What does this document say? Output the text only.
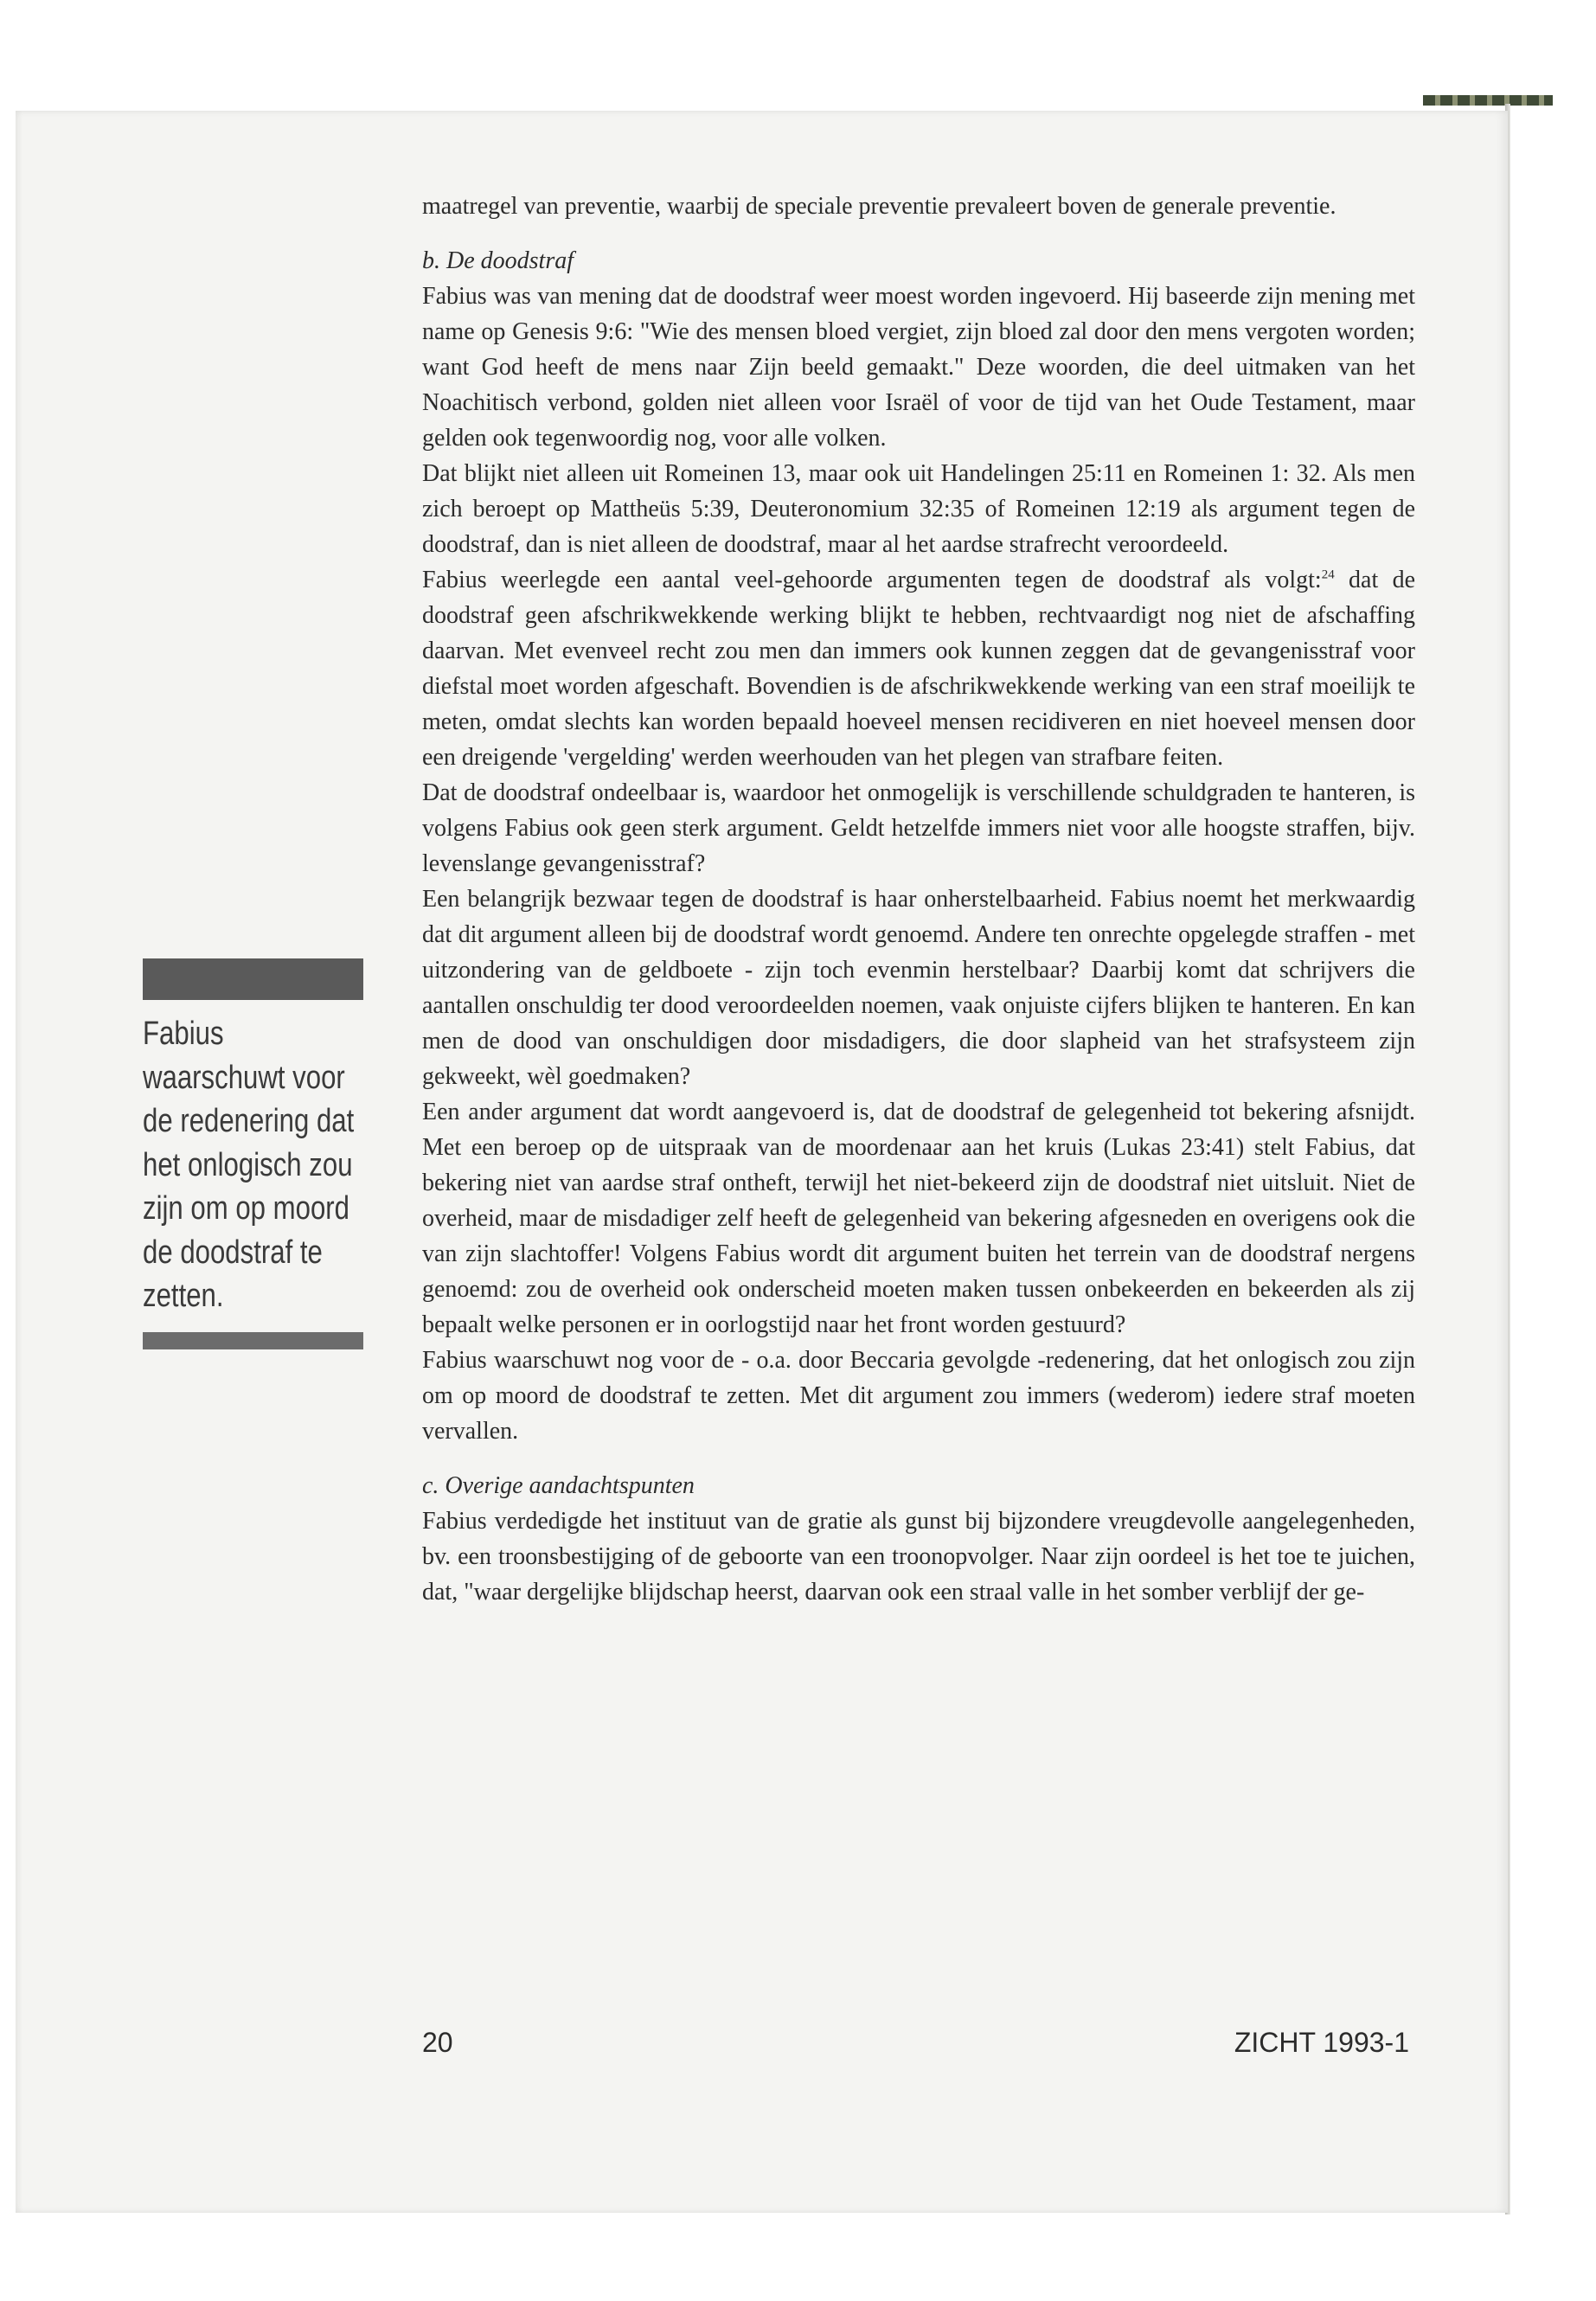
maatregel van preventie, waarbij de speciale preventie prevaleert boven de generale preventie.

b. De doodstraf

Fabius was van mening dat de doodstraf weer moest worden ingevoerd. Hij baseerde zijn mening met name op Genesis 9:6: "Wie des mensen bloed vergiet, zijn bloed zal door den mens vergoten worden; want God heeft de mens naar Zijn beeld gemaakt." Deze woorden, die deel uitmaken van het Noachitisch verbond, golden niet alleen voor Israël of voor de tijd van het Oude Testament, maar gelden ook tegenwoordig nog, voor alle volken.

Dat blijkt niet alleen uit Romeinen 13, maar ook uit Handelingen 25:11 en Romeinen 1: 32. Als men zich beroept op Mattheüs 5:39, Deuteronomium 32:35 of Romeinen 12:19 als argument tegen de doodstraf, dan is niet alleen de doodstraf, maar al het aardse strafrecht veroordeeld.

Fabius weerlegde een aantal veel-gehoorde argumenten tegen de doodstraf als volgt:$^{24}$ dat de doodstraf geen afschrikwekkende werking blijkt te hebben, rechtvaardigt nog niet de afschaffing daarvan. Met evenveel recht zou men dan immers ook kunnen zeggen dat de gevangenisstraf voor diefstal moet worden afgeschaft. Bovendien is de afschrikwekkende werking van een straf moeilijk te meten, omdat slechts kan worden bepaald hoeveel mensen recidiveren en niet hoeveel mensen door een dreigende 'vergelding' werden weerhouden van het plegen van strafbare feiten.

Dat de doodstraf ondeelbaar is, waardoor het onmogelijk is verschillende schuldgraden te hanteren, is volgens Fabius ook geen sterk argument. Geldt hetzelfde immers niet voor alle hoogste straffen, bijv. levenslange gevangenisstraf?

Een belangrijk bezwaar tegen de doodstraf is haar onherstelbaarheid. Fabius noemt het merkwaardig dat dit argument alleen bij de doodstraf wordt genoemd. Andere ten onrechte opgelegde straffen - met uitzondering van de geldboete - zijn toch evenmin herstelbaar? Daarbij komt dat schrijvers die aantallen onschuldig ter dood veroordeelden noemen, vaak onjuiste cijfers blijken te hanteren. En kan men de dood van onschuldigen door misdadigers, die door slapheid van het strafsysteem zijn gekweekt, wèl goedmaken?

Een ander argument dat wordt aangevoerd is, dat de doodstraf de gelegenheid tot bekering afsnijdt. Met een beroep op de uitspraak van de moordenaar aan het kruis (Lukas 23:41) stelt Fabius, dat bekering niet van aardse straf ontheft, terwijl het niet-bekeerd zijn de doodstraf niet uitsluit. Niet de overheid, maar de misdadiger zelf heeft de gelegenheid van bekering afgesneden en overigens ook die van zijn slachtoffer! Volgens Fabius wordt dit argument buiten het terrein van de doodstraf nergens genoemd: zou de overheid ook onderscheid moeten maken tussen onbekeerden en bekeerden als zij bepaalt welke personen er in oorlogstijd naar het front worden gestuurd?

Fabius waarschuwt nog voor de - o.a. door Beccaria gevolgde -redenering, dat het onlogisch zou zijn om op moord de doodstraf te zetten. Met dit argument zou immers (wederom) iedere straf moeten vervallen.

c. Overige aandachtspunten

Fabius verdedigde het instituut van de gratie als gunst bij bijzondere vreugdevolle aangelegenheden, bv. een troonsbestijging of de geboorte van een troonopvolger. Naar zijn oordeel is het toe te juichen, dat, "waar dergelijke blijdschap heerst, daarvan ook een straal valle in het somber verblijf der ge-

Fabius waarschuwt voor de redenering dat het onlogisch zou zijn om op moord de doodstraf te zetten.
20	ZICHT 1993-1
